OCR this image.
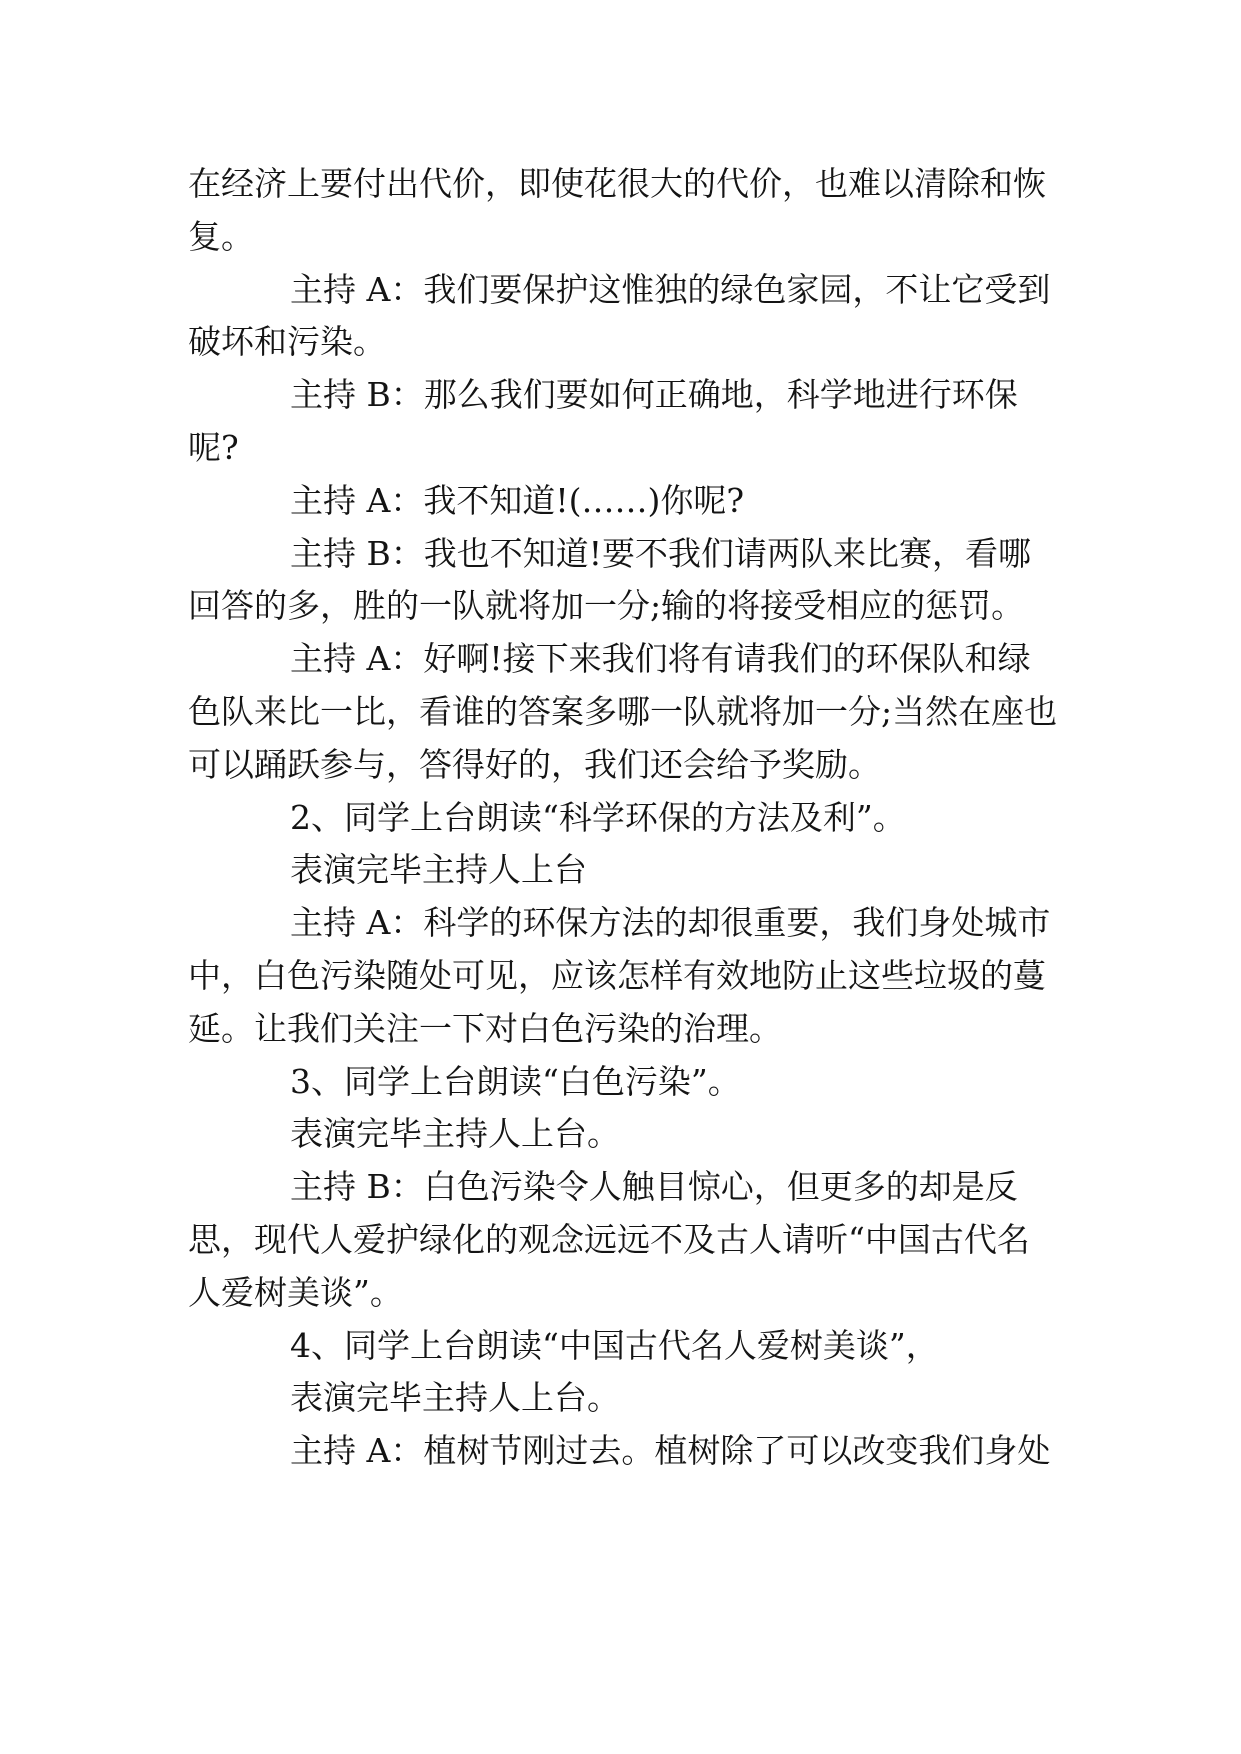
在经济上要付出代价，即使花很大的代价，也难以清除和恢复。

主持 A：我们要保护这惟独的绿色家园，不让它受到破坏和污染。

主持 B：那么我们要如何正确地，科学地进行环保呢?

主持 A：我不知道!(……)你呢?

主持 B：我也不知道!要不我们请两队来比赛，看哪回答的多，胜的一队就将加一分;输的将接受相应的惩罚。

主持 A：好啊!接下来我们将有请我们的环保队和绿色队来比一比，看谁的答案多哪一队就将加一分;当然在座也可以踊跃参与，答得好的，我们还会给予奖励。

2、同学上台朗读“科学环保的方法及利”。

表演完毕主持人上台

主持 A：科学的环保方法的却很重要，我们身处城市中，白色污染随处可见，应该怎样有效地防止这些垃圾的蔓延。让我们关注一下对白色污染的治理。

3、同学上台朗读“白色污染”。

表演完毕主持人上台。

主持 B：白色污染令人触目惊心，但更多的却是反思，现代人爱护绿化的观念远远不及古人请听“中国古代名人爱树美谈”。

4、同学上台朗读“中国古代名人爱树美谈”，

表演完毕主持人上台。

主持 A：植树节刚过去。植树除了可以改变我们身处
